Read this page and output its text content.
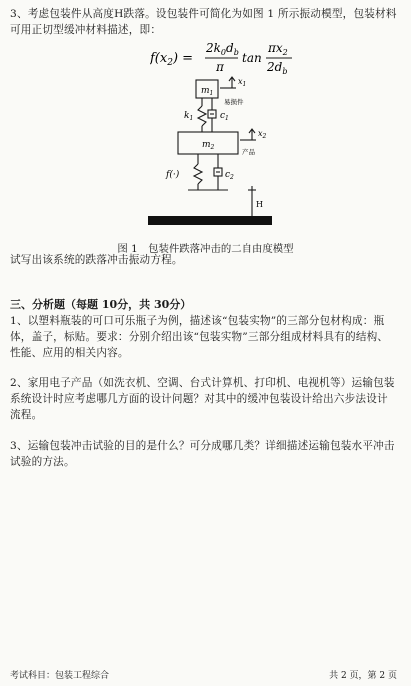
3、考虑包装件从高度H跌落。设包装件可简化为如图 1 所示振动模型，包装材料
可用正切型缓冲材料描述，即：
$f(x_2)$ =
$2k_0d_b$
π
tan
$\pi x_2$
$2d_b$
$m_1$
$x_1$
易损件
$k_1$	$c_1$
$x_2$
产品
$m_2$
f(·)	$c_2$
H
图 1　包装件跌落冲击的二自由度模型
试写出该系统的跌落冲击振动方程。
三、分析题（每题 10分，共 30分）
1、以塑料瓶装的可口可乐瓶子为例，描述该“包装实物”的三部分包材构成：瓶
体，盖子，标贴。要求：分别介绍出该“包装实物”三部分组成材料具有的结构、
性能、应用的相关内容。
2、家用电子产品（如洗衣机、空调、台式计算机、打印机、电视机等）运输包装
系统设计时应考虑哪几方面的设计问题？对其中的缓冲包装设计给出六步法设计
流程。
3、运输包装冲击试验的目的是什么？可分成哪几类？详细描述运输包装水平冲击
试验的方法。
考试科目：包装工程综合	共 2 页，第 2 页
